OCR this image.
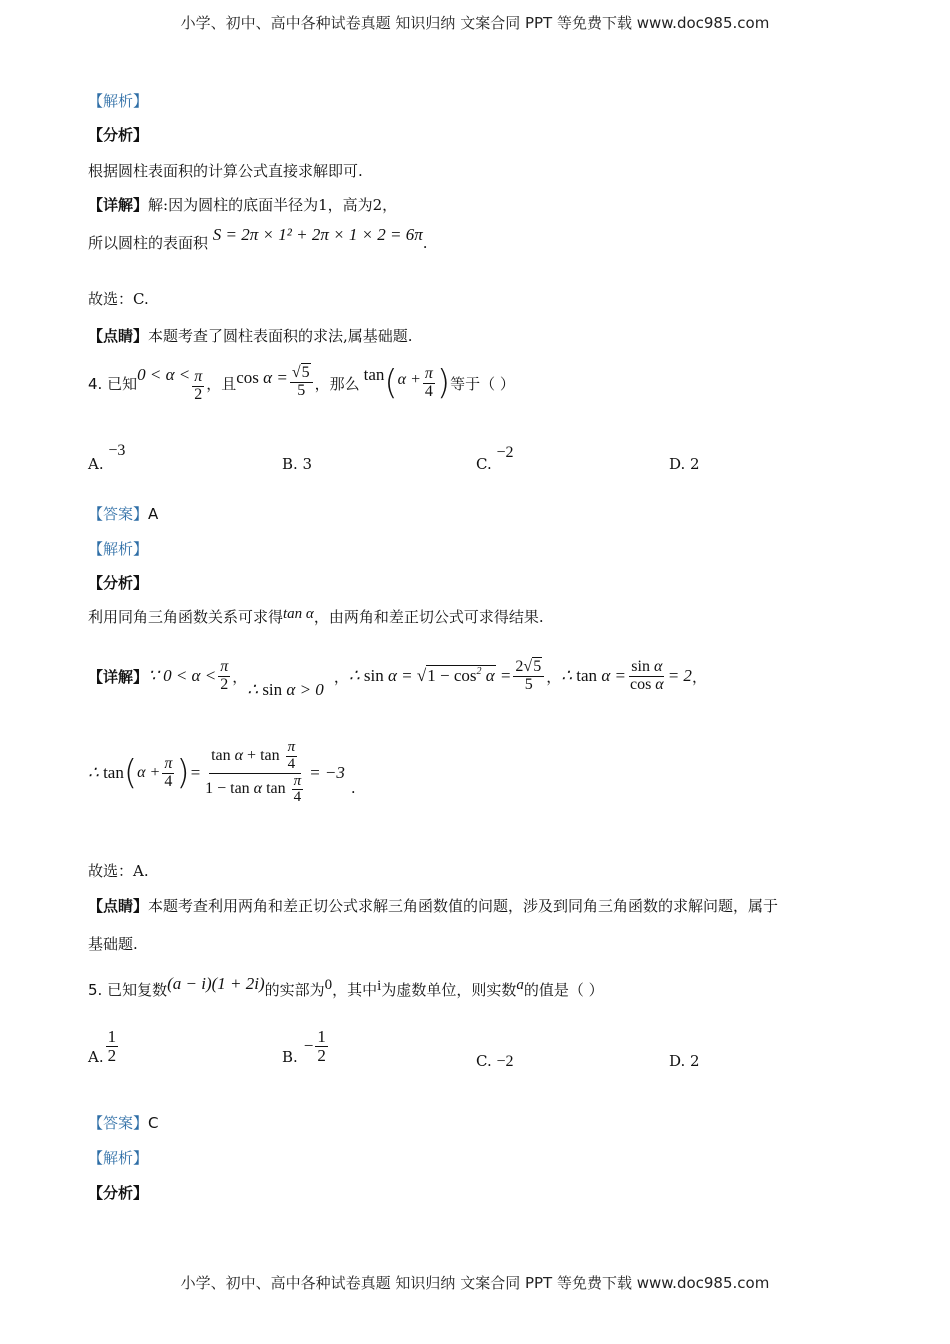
小学、初中、高中各种试卷真题 知识归纳 文案合同 PPT 等免费下载 www.doc985.com
【解析】
【分析】
根据圆柱表面积的计算公式直接求解即可.
【详解】解:因为圆柱的底面半径为1，高为2，
所以圆柱的表面积 S = 2π × 1² + 2π × 1 × 2 = 6π.
故选：C.
【点睛】本题考查了圆柱表面积的求法,属基础题.
4. 已知 $0 < \alpha < \frac{\pi}{2}$ ，且 $\cos \alpha = \frac{√5}{5}$ ，那么 tan ( $\alpha + \frac{\pi}{4}$ ) 等于（ ）
A. −3
B. 3	C. −2
D. 2
【答案】A
【解析】
【分析】
利用同角三角函数关系可求得tan α，由两角和差正切公式可求得结果.
【详解】 ∵ $0 < \alpha < \frac{\pi}{2}$ ，
∴ sin α > 0
， ∴ $\sin \alpha = √1 - \cos^2 \alpha = \frac{2√5}{5}$ ， ∴ $\tan \alpha = \frac{\text{sin α}}{\text{cos α}} = 2$ ，
∴ tan ( $\alpha + \frac{\pi}{4}$ ) = tan
α + tan
$\frac{\pi}{4}$
1 − tan
α
tan
$\frac{\pi}{4} = -3$
.
故选：A.
【点睛】本题考查利用两角和差正切公式求解三角函数值的问题，涉及到同角三角函数的求解问题，属于
基础题.
5. 已知复数 (a − i)(1 + 2i) 的实部为 0 ，其中 i 为虚数单位，则实数 a 的值是（ ）
A. $\frac{1}{2}$	B.
− $\frac{1}{2}$	C. −2	D. 2
【答案】C
【解析】
【分析】
小学、初中、高中各种试卷真题 知识归纳 文案合同 PPT 等免费下载 www.doc985.com
